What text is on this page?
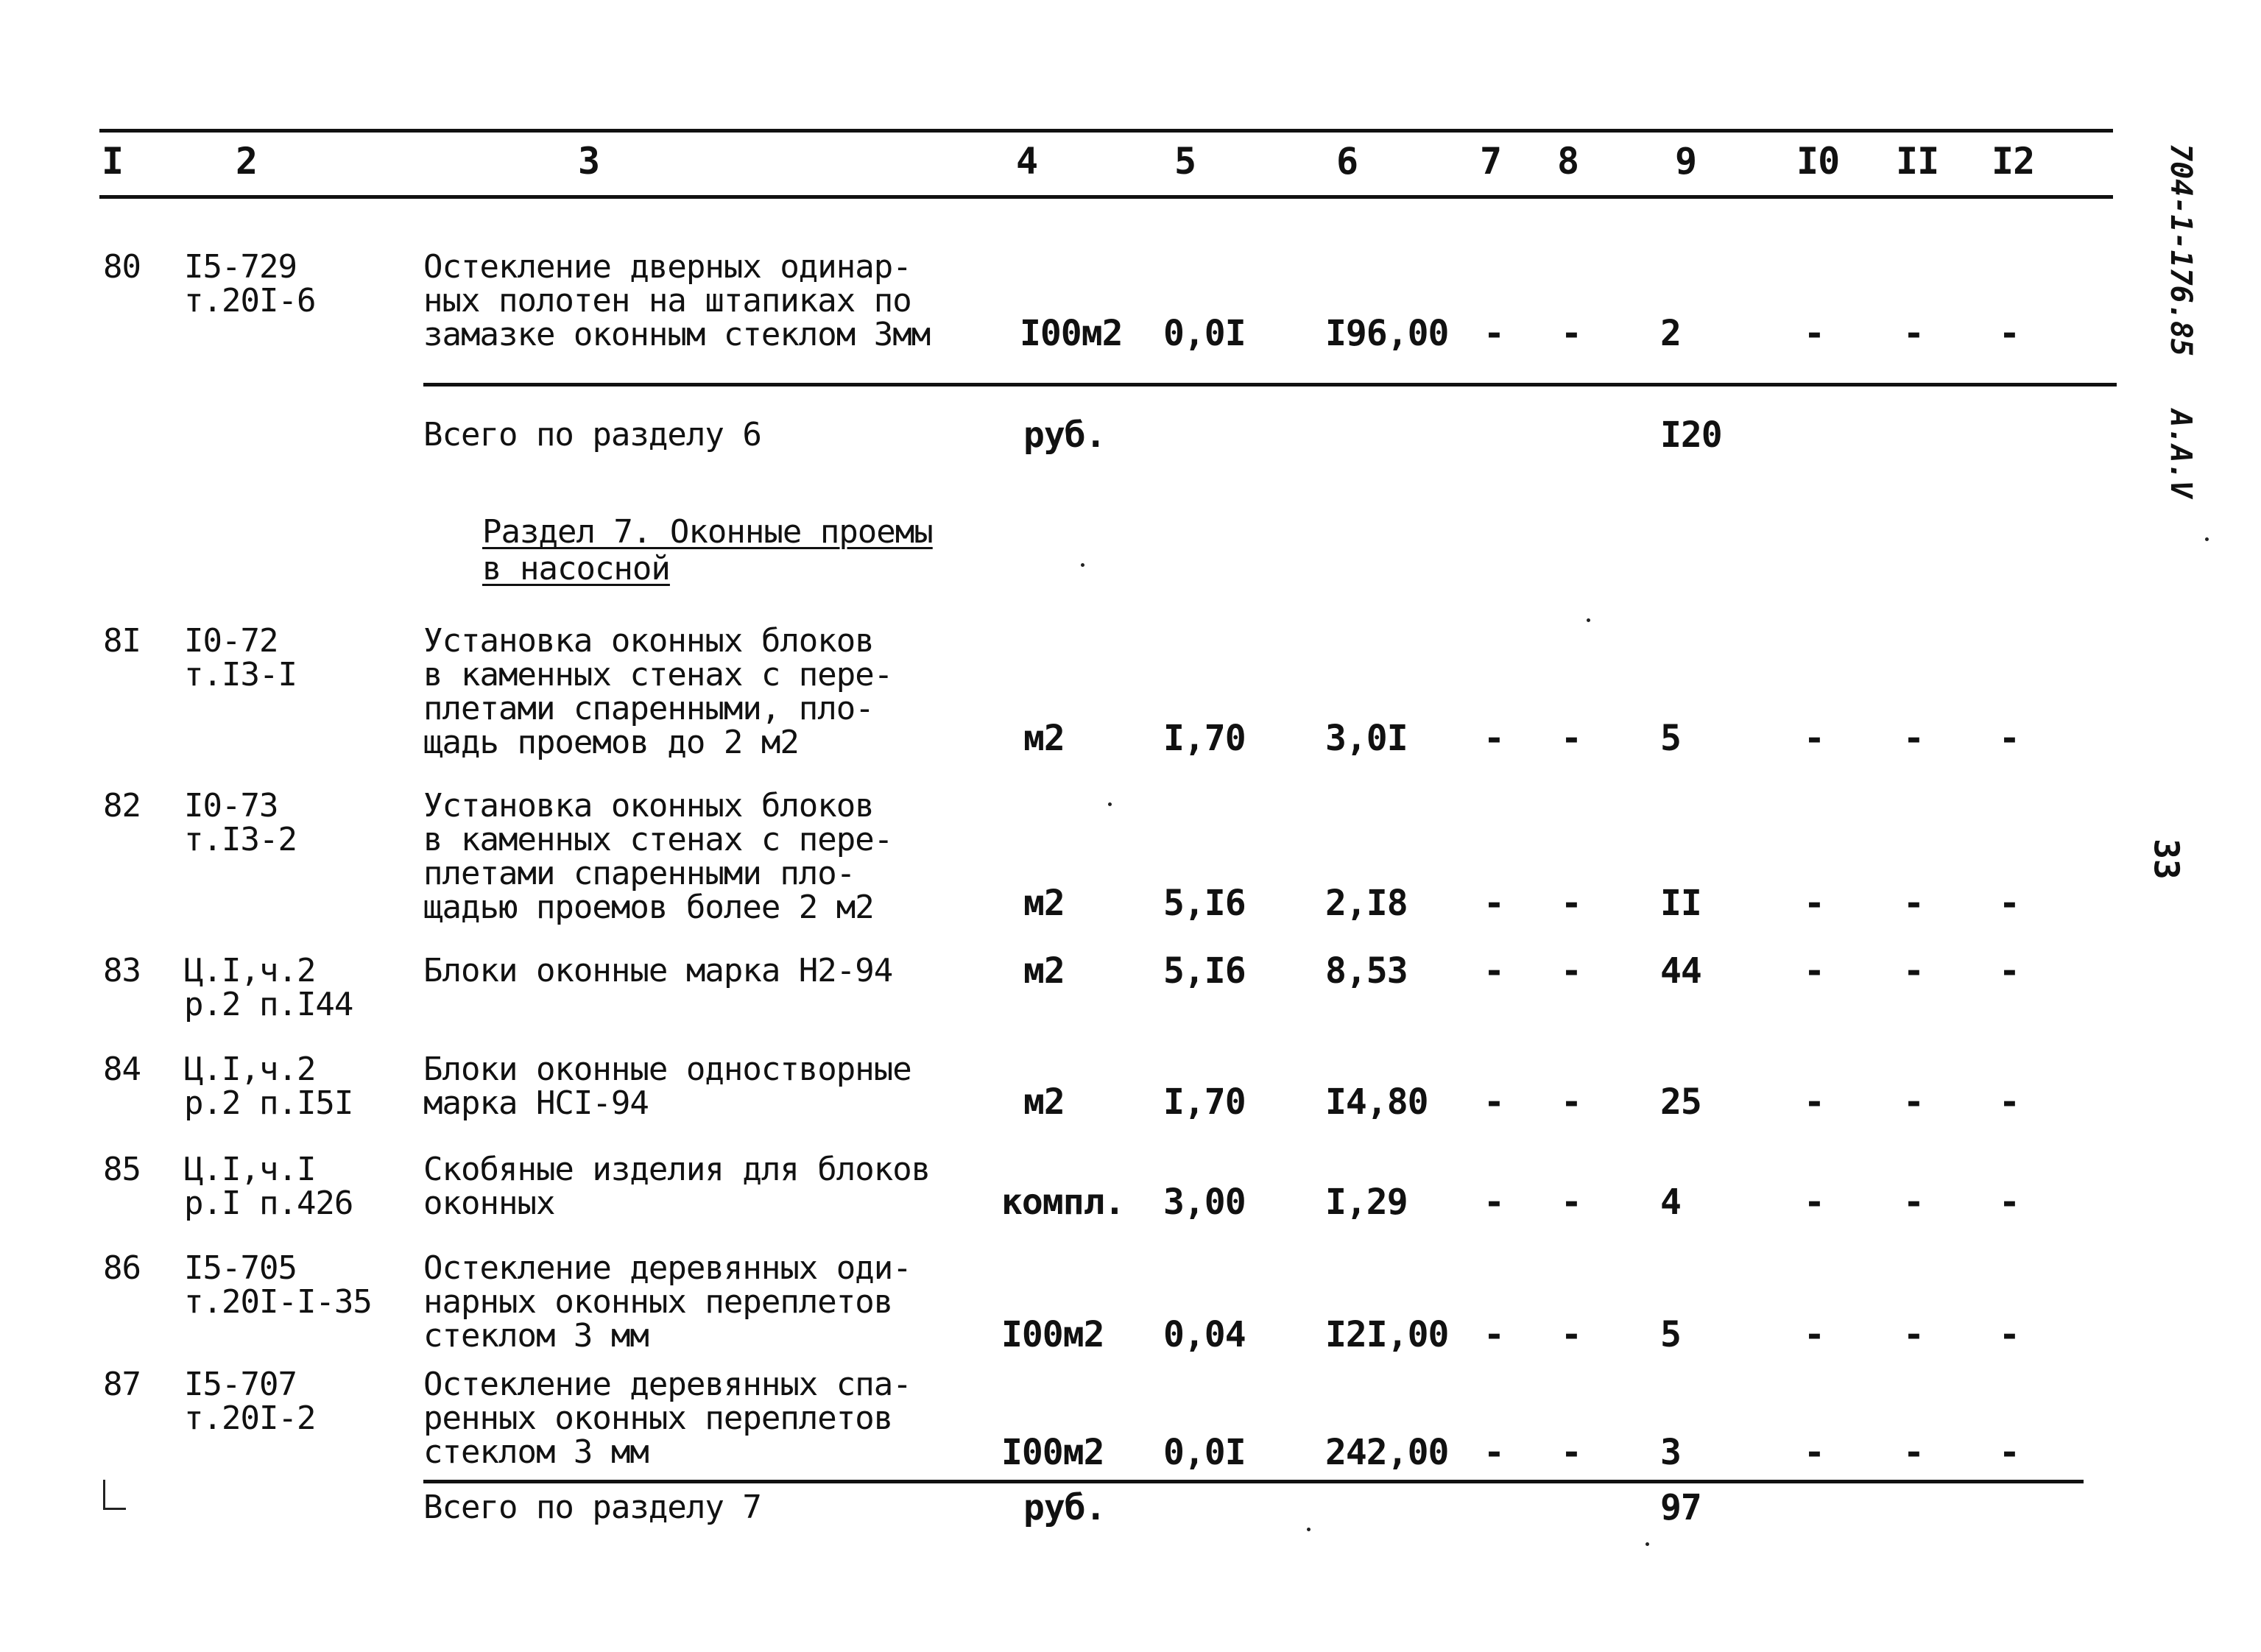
I	2	3	4	5	6	7 8	9	I0 II I2
80 I5-729
т.20I-6
Остекление дверных одинар-
ных полотен на штапиках по
замазке оконным стеклом 3мм	I00м2 0,0I I96,00 - - 2	- - -
Всего по разделу 6	руб.	I20
Раздел 7. Оконные проемы
в насосной
8I I0-72
т.I3-I
Установка оконных блоков
в каменных стенах с пере-
плетами спаренными, пло-
щадь проемов до 2 м2	м2	I,70 3,0I - - 5	- - -
82 I0-73
т.I3-2
Установка оконных блоков
в каменных стенах с пере-
плетами спаренными пло-
щадью проемов более 2 м2	м2	5,I6 2,I8 - - II	- - -
83 Ц.I,ч.2
р.2 п.I44
Блоки оконные марка Н2-94	м2	5,I6 8,53 - - 44	- - -
84 Ц.I,ч.2
р.2 п.I5I
Блоки оконные одностворные
марка НСI-94	м2	I,70 I4,80 - - 25	- - -
85 Ц.I,ч.I
р.I п.426
Скобяные изделия для блоков
оконных	компл. 3,00 I,29 - - 4	- - -
86 I5-705
т.20I-I-35
Остекление деревянных оди-
нарных оконных переплетов
стеклом 3 мм	I00м2 0,04 I2I,00 - - 5	- - -
87 I5-707
т.20I-2
Остекление деревянных спа-
ренных оконных переплетов
стеклом 3 мм	I00м2 0,0I 242,00 - - 3	- - -
Всего по разделу 7	руб.	97
704-1-176.85   А.А.V
33
